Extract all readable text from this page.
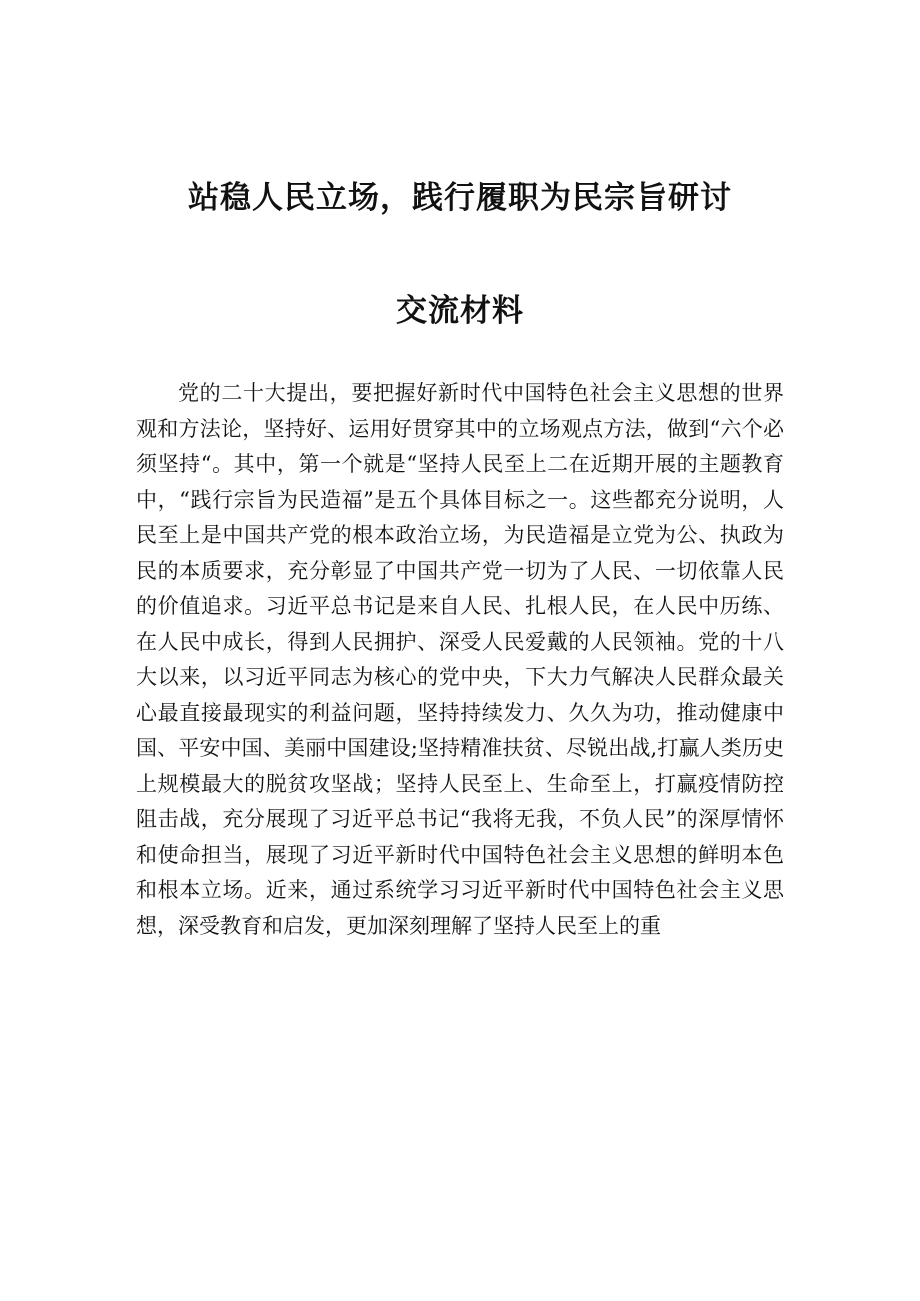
站稳人民立场，践行履职为民宗旨研讨
交流材料

党的二十大提出，要把握好新时代中国特色社会主义思想的世界观和方法论，坚持好、运用好贯穿其中的立场观点方法，做到“六个必须坚持“。其中，第一个就是“坚持人民至上二在近期开展的主题教育中，“践行宗旨为民造福”是五个具体目标之一。这些都充分说明，人民至上是中国共产党的根本政治立场，为民造福是立党为公、执政为民的本质要求，充分彰显了中国共产党一切为了人民、一切依靠人民的价值追求。习近平总书记是来自人民、扎根人民，在人民中历练、在人民中成长，得到人民拥护、深受人民爱戴的人民领袖。党的十八大以来，以习近平同志为核心的党中央，下大力气解决人民群众最关心最直接最现实的利益问题，坚持持续发力、久久为功，推动健康中国、平安中国、美丽中国建设;坚持精准扶贫、尽锐出战,打赢人类历史上规模最大的脱贫攻坚战；坚持人民至上、生命至上，打赢疫情防控阻击战，充分展现了习近平总书记“我将无我，不负人民”的深厚情怀和使命担当，展现了习近平新时代中国特色社会主义思想的鲜明本色和根本立场。近来，通过系统学习习近平新时代中国特色社会主义思想，深受教育和启发，更加深刻理解了坚持人民至上的重
